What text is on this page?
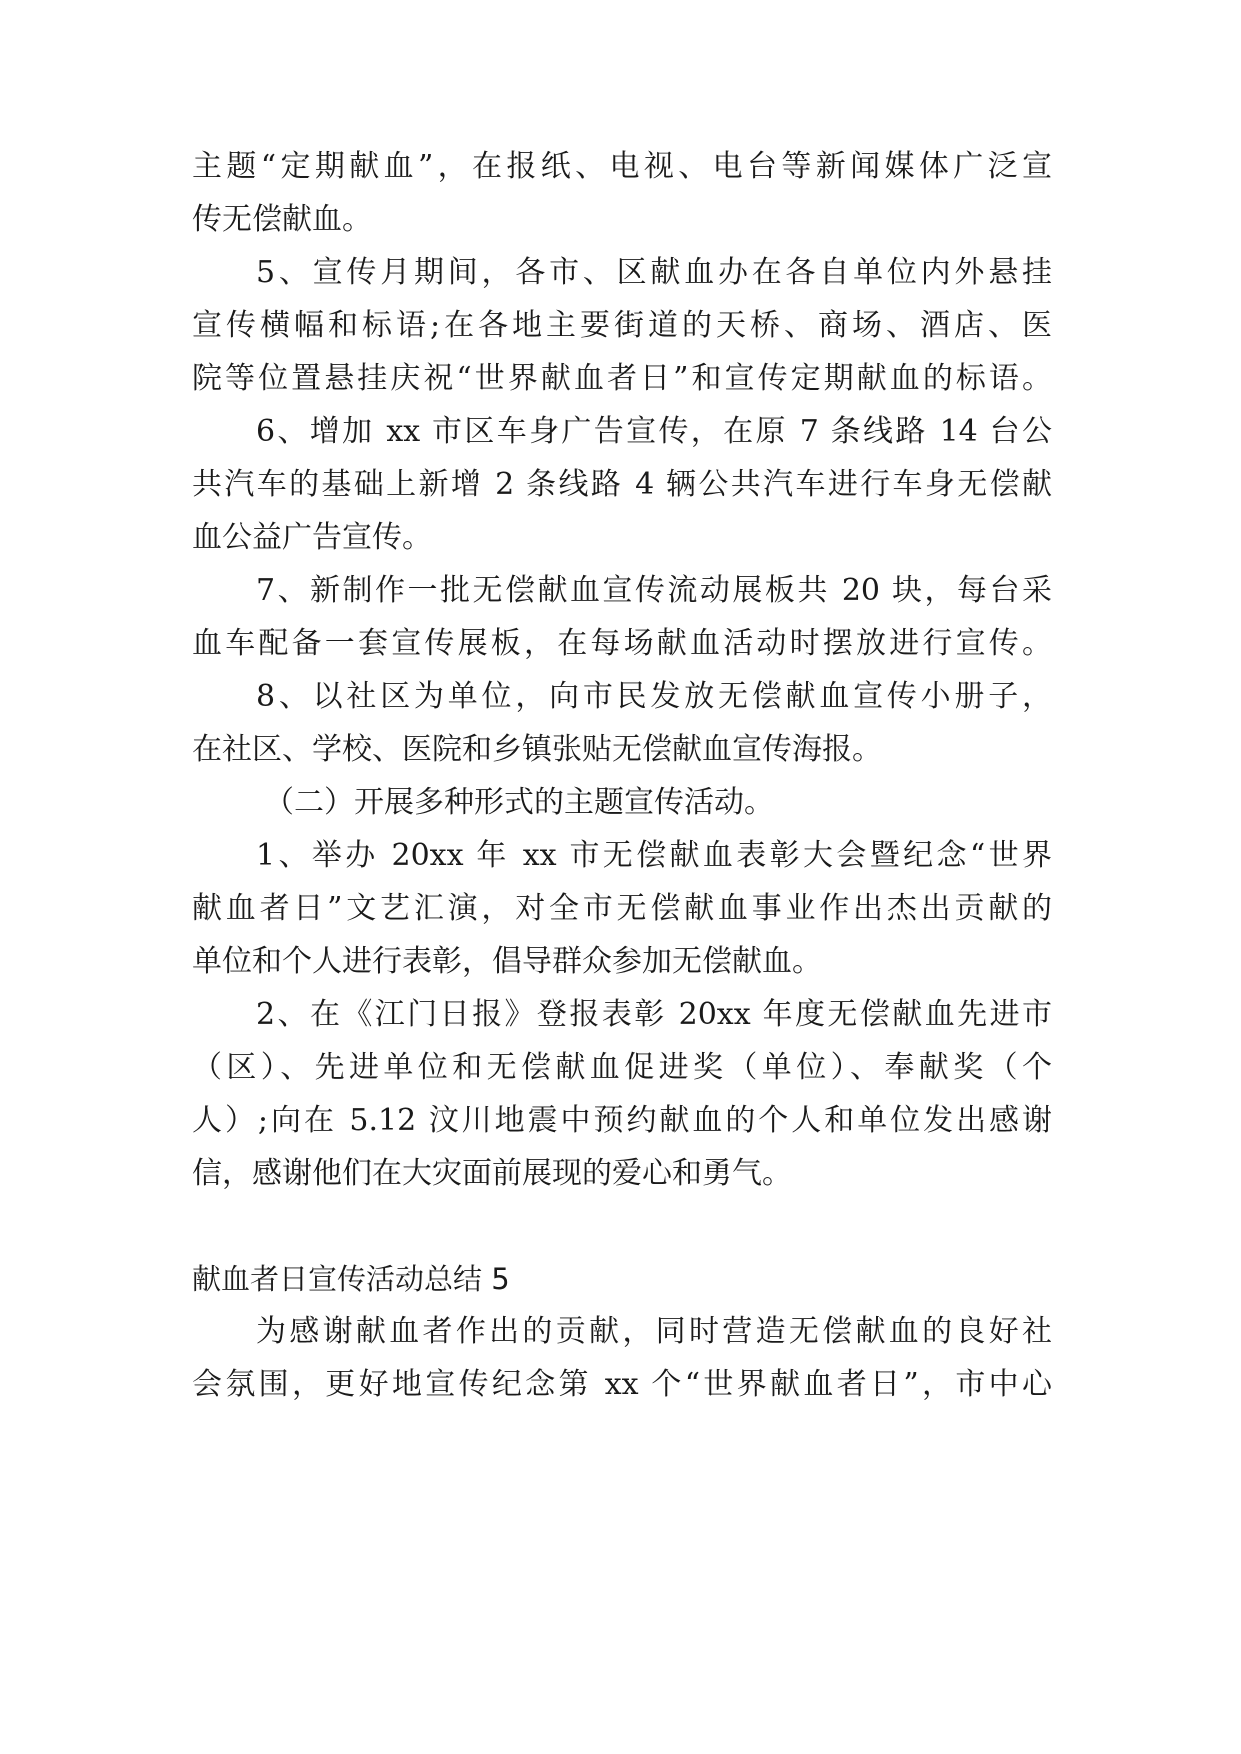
主题“定期献血”，在报纸、电视、电台等新闻媒体广泛宣
传无偿献血。
5、宣传月期间，各市、区献血办在各自单位内外悬挂
宣传横幅和标语;在各地主要街道的天桥、商场、酒店、医
院等位置悬挂庆祝“世界献血者日”和宣传定期献血的标语。
6、增加 xx 市区车身广告宣传，在原 7 条线路 14 台公
共汽车的基础上新增 2 条线路 4 辆公共汽车进行车身无偿献
血公益广告宣传。
7、新制作一批无偿献血宣传流动展板共 20 块，每台采
血车配备一套宣传展板，在每场献血活动时摆放进行宣传。
8、以社区为单位，向市民发放无偿献血宣传小册子，
在社区、学校、医院和乡镇张贴无偿献血宣传海报。
（二）开展多种形式的主题宣传活动。
1、举办 20xx 年 xx 市无偿献血表彰大会暨纪念“世界
献血者日”文艺汇演，对全市无偿献血事业作出杰出贡献的
单位和个人进行表彰，倡导群众参加无偿献血。
2、在《江门日报》登报表彰 20xx 年度无偿献血先进市
（区）、先进单位和无偿献血促进奖（单位）、奉献奖（个
人）;向在 5.12 汶川地震中预约献血的个人和单位发出感谢
信，感谢他们在大灾面前展现的爱心和勇气。
献血者日宣传活动总结 5
为感谢献血者作出的贡献，同时营造无偿献血的良好社
会氛围，更好地宣传纪念第 xx 个“世界献血者日”，市中心
